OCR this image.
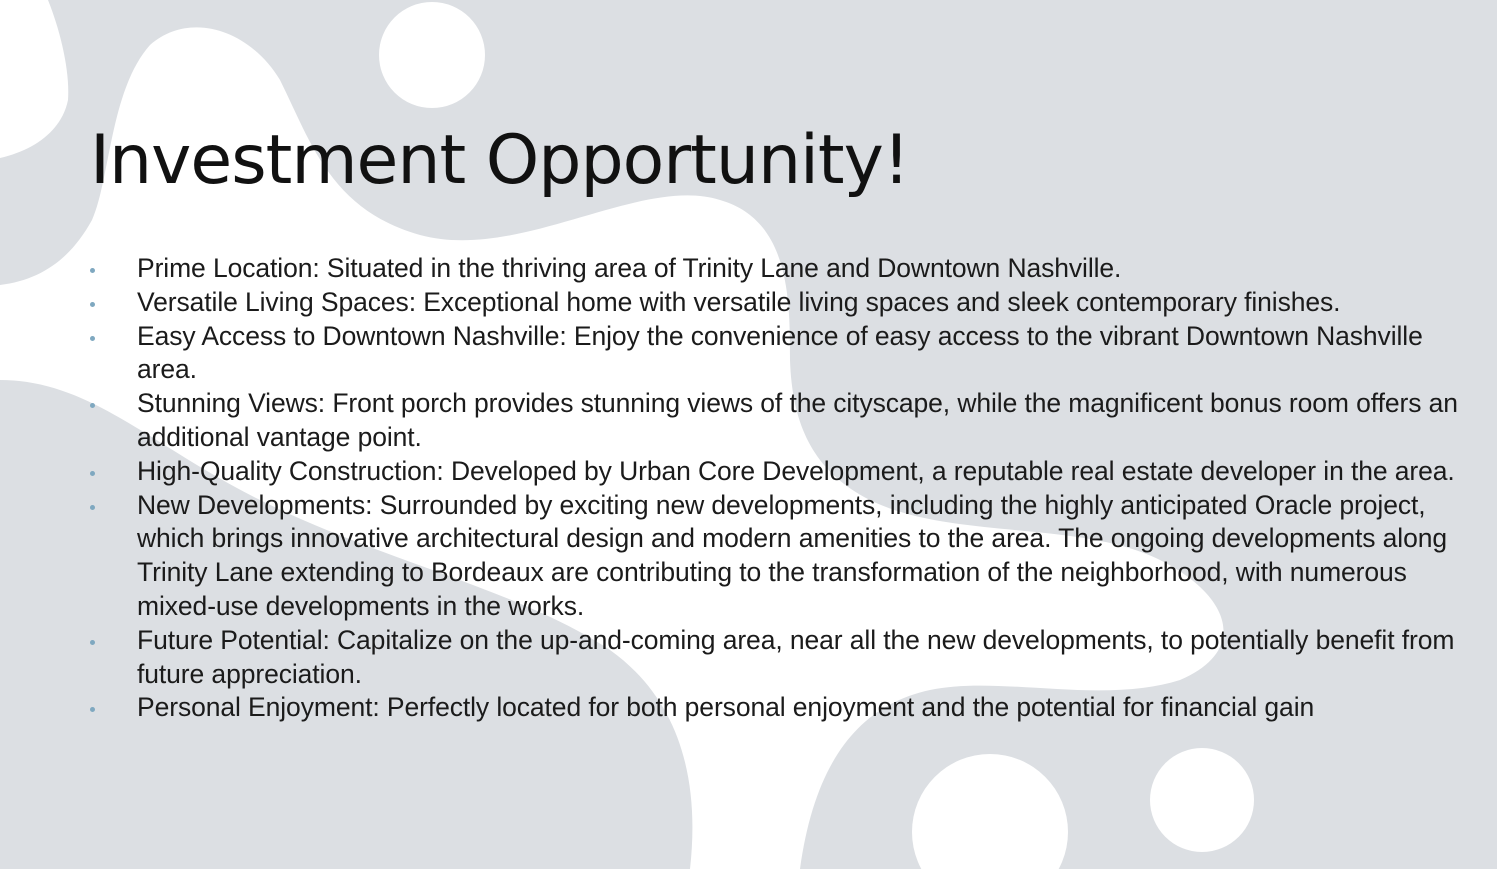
Investment Opportunity!
Prime Location: Situated in the thriving area of Trinity Lane and Downtown Nashville.
Versatile Living Spaces: Exceptional home with versatile living spaces and sleek contemporary finishes.
Easy Access to Downtown Nashville: Enjoy the convenience of easy access to the vibrant Downtown Nashville area.
Stunning Views: Front porch provides stunning views of the cityscape, while the magnificent bonus room offers an additional vantage point.
High-Quality Construction: Developed by Urban Core Development, a reputable real estate developer in the area.
New Developments: Surrounded by exciting new developments, including the highly anticipated Oracle project, which brings innovative architectural design and modern amenities to the area. The ongoing developments along Trinity Lane extending to Bordeaux are contributing to the transformation of the neighborhood, with numerous mixed-use developments in the works.
Future Potential: Capitalize on the up-and-coming area, near all the new developments, to potentially benefit from future appreciation.
Personal Enjoyment: Perfectly located for both personal enjoyment and the potential for financial gain
